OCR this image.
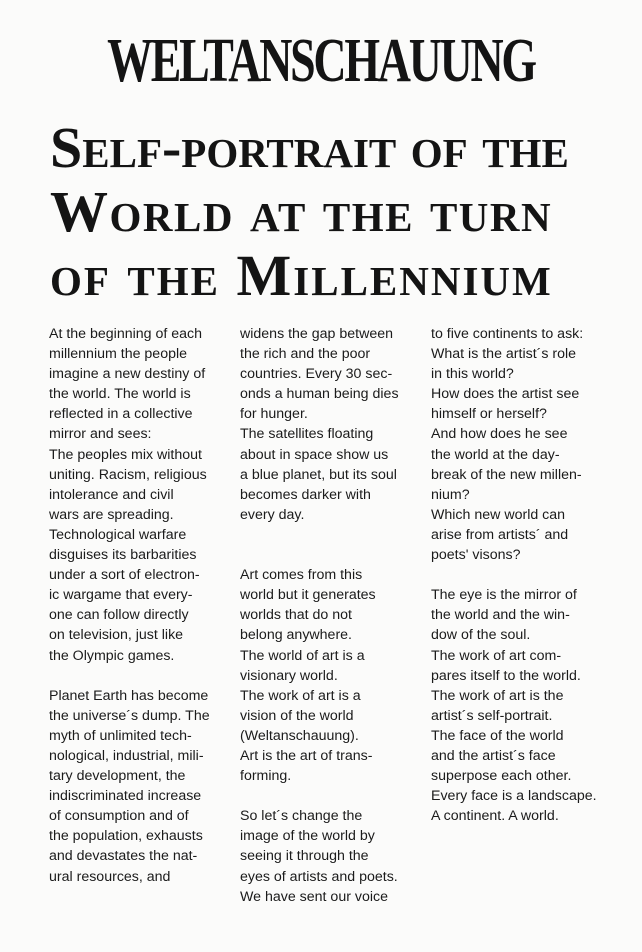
WELTANSCHAUUNG
Self-portrait of the
World at the turn
of the Millennium
At the beginning of each
millennium the people
imagine a new destiny of
the world. The world is
reflected in a collective
mirror and sees:
The peoples mix without
uniting. Racism, religious
intolerance and civil
wars are spreading.
Technological warfare
disguises its barbarities
under a sort of electron-
ic wargame that every-
one can follow directly
on television, just like
the Olympic games.

Planet Earth has become
the universe´s dump. The
myth of unlimited tech-
nological, industrial, mili-
tary development, the
indiscriminated increase
of consumption and of
the population, exhausts
and devastates the nat-
ural resources, and
widens the gap between
the rich and the poor
countries. Every 30 sec-
onds a human being dies
for hunger.
The satellites floating
about in space show us
a blue planet, but its soul
becomes darker with
every day.

Art comes from this
world but it generates
worlds that do not
belong anywhere.
The world of art is a
visionary world.
The work of art is a
vision of the world
(Weltanschauung).
Art is the art of trans-
forming.

So let´s change the
image of the world by
seeing it through the
eyes of artists and poets.
We have sent our voice
to five continents to ask:
What is the artist´s role
in this world?
How does the artist see
himself or herself?
And how does he see
the world at the day-
break of the new millen-
nium?
Which new world can
arise from artists´ and
poets' visons?

The eye is the mirror of
the world and the win-
dow of the soul.
The work of art com-
pares itself to the world.
The work of art is the
artist´s self-portrait.
The face of the world
and the artist´s face
superpose each other.
Every face is a landscape.
A continent. A world.
